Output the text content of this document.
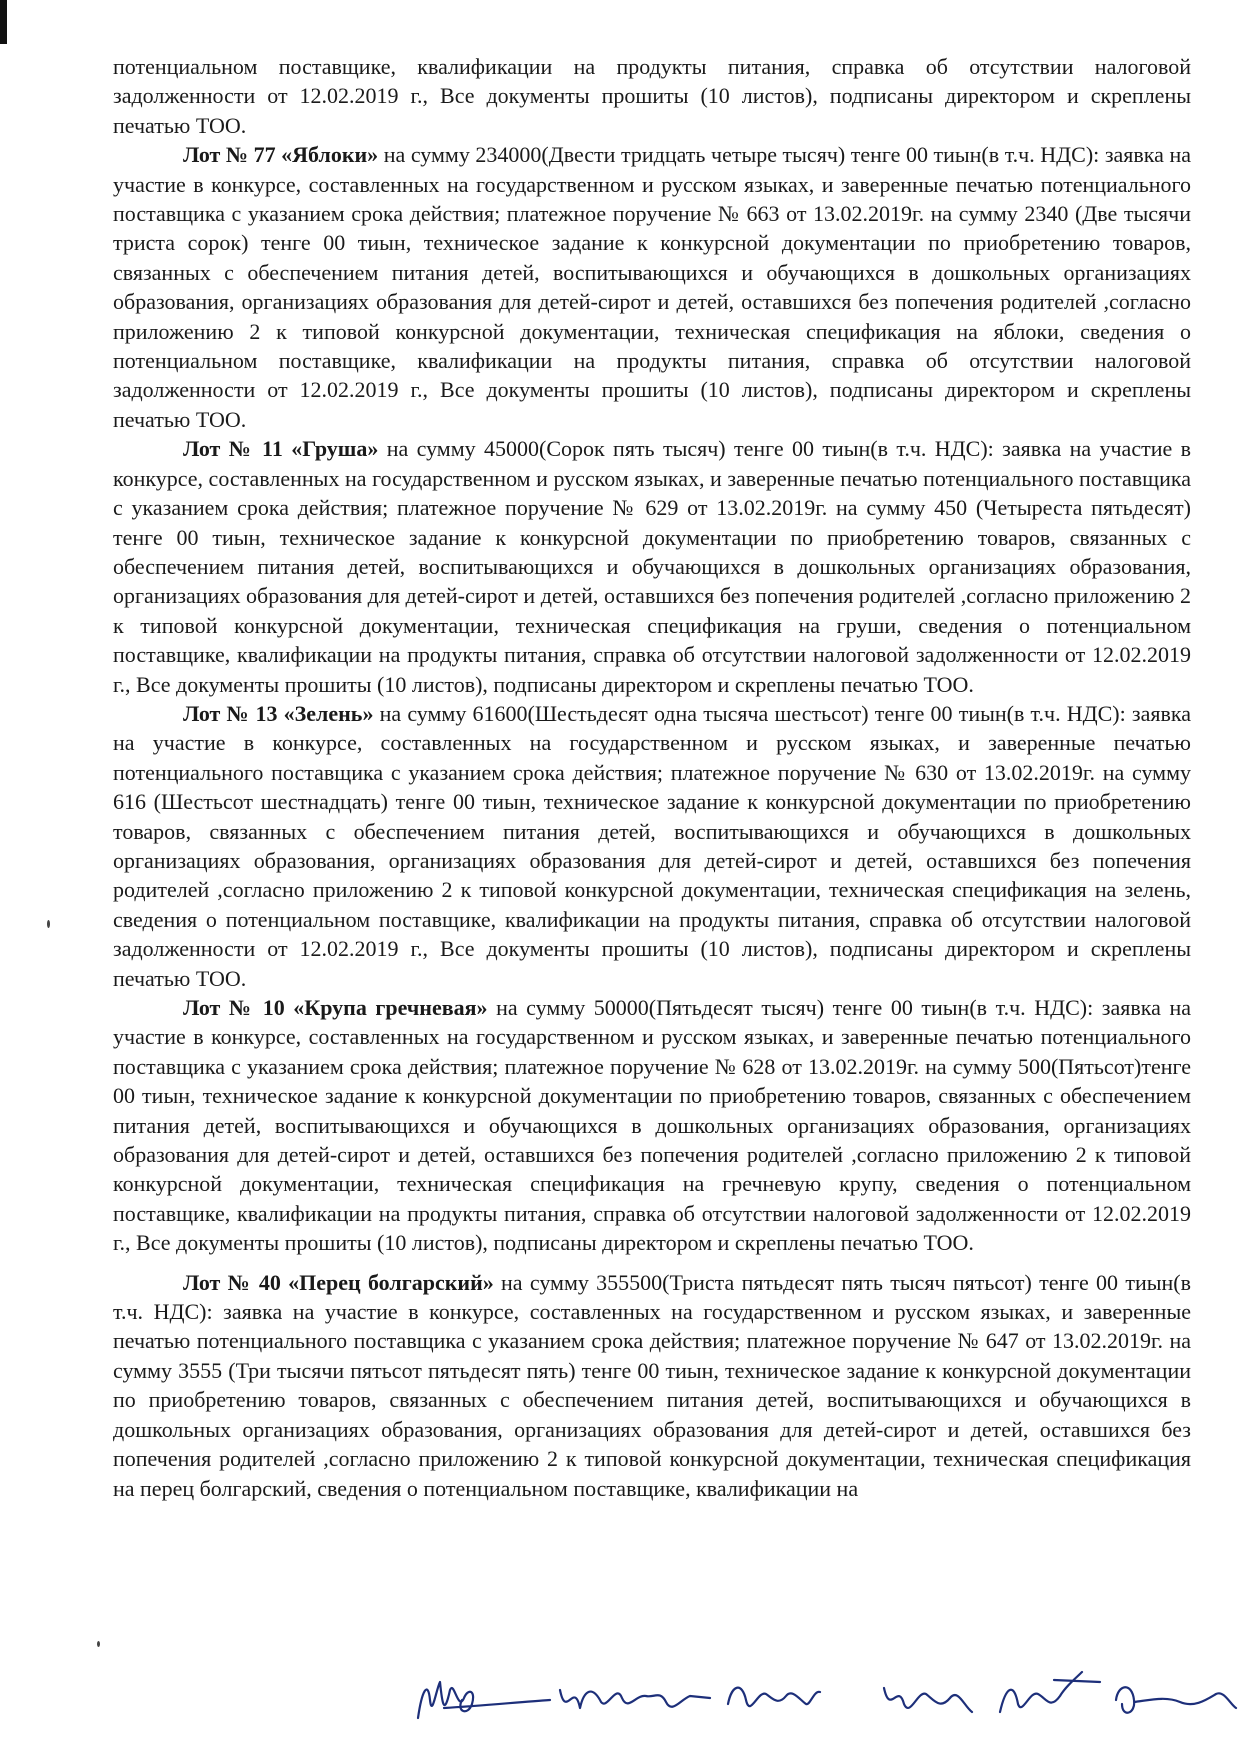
потенциальном поставщике, квалификации на продукты питания, справка об отсутствии налоговой задолженности от 12.02.2019 г., Все документы прошиты (10 листов), подписаны директором и скреплены печатью ТОО.

Лот № 77 «Яблоки» на сумму 234000(Двести тридцать четыре тысяч) тенге 00 тиын(в т.ч. НДС): заявка на участие в конкурсе, составленных на государственном и русском языках, и заверенные печатью потенциального поставщика с указанием срока действия; платежное поручение № 663 от 13.02.2019г. на сумму 2340 (Две тысячи триста сорок) тенге 00 тиын, техническое задание к конкурсной документации по приобретению товаров, связанных с обеспечением питания детей, воспитывающихся и обучающихся в дошкольных организациях образования, организациях образования для детей-сирот и детей, оставшихся без попечения родителей ,согласно приложению 2 к типовой конкурсной документации, техническая спецификация на яблоки, сведения о потенциальном поставщике, квалификации на продукты питания, справка об отсутствии налоговой задолженности от 12.02.2019 г., Все документы прошиты (10 листов), подписаны директором и скреплены печатью ТОО.

Лот № 11 «Груша» на сумму 45000(Сорок пять тысяч) тенге 00 тиын(в т.ч. НДС): заявка на участие в конкурсе, составленных на государственном и русском языках, и заверенные печатью потенциального поставщика с указанием срока действия; платежное поручение № 629 от 13.02.2019г. на сумму 450 (Четыреста пятьдесят) тенге 00 тиын, техническое задание к конкурсной документации по приобретению товаров, связанных с обеспечением питания детей, воспитывающихся и обучающихся в дошкольных организациях образования, организациях образования для детей-сирот и детей, оставшихся без попечения родителей ,согласно приложению 2 к типовой конкурсной документации, техническая спецификация на груши, сведения о потенциальном поставщике, квалификации на продукты питания, справка об отсутствии налоговой задолженности от 12.02.2019 г., Все документы прошиты (10 листов), подписаны директором и скреплены печатью ТОО.

Лот № 13 «Зелень» на сумму 61600(Шестьдесят одна тысяча шестьсот) тенге 00 тиын(в т.ч. НДС): заявка на участие в конкурсе, составленных на государственном и русском языках, и заверенные печатью потенциального поставщика с указанием срока действия; платежное поручение № 630 от 13.02.2019г. на сумму 616 (Шестьсот шестнадцать) тенге 00 тиын, техническое задание к конкурсной документации по приобретению товаров, связанных с обеспечением питания детей, воспитывающихся и обучающихся в дошкольных организациях образования, организациях образования для детей-сирот и детей, оставшихся без попечения родителей ,согласно приложению 2 к типовой конкурсной документации, техническая спецификация на зелень, сведения о потенциальном поставщике, квалификации на продукты питания, справка об отсутствии налоговой задолженности от 12.02.2019 г., Все документы прошиты (10 листов), подписаны директором и скреплены печатью ТОО.

Лот № 10 «Крупа гречневая» на сумму 50000(Пятьдесят тысяч) тенге 00 тиын(в т.ч. НДС): заявка на участие в конкурсе, составленных на государственном и русском языках, и заверенные печатью потенциального поставщика с указанием срока действия; платежное поручение № 628 от 13.02.2019г. на сумму 500(Пятьсот)тенге 00 тиын, техническое задание к конкурсной документации по приобретению товаров, связанных с обеспечением питания детей, воспитывающихся и обучающихся в дошкольных организациях образования, организациях образования для детей-сирот и детей, оставшихся без попечения родителей ,согласно приложению 2 к типовой конкурсной документации, техническая спецификация на гречневую крупу, сведения о потенциальном поставщике, квалификации на продукты питания, справка об отсутствии налоговой задолженности от 12.02.2019 г., Все документы прошиты (10 листов), подписаны директором и скреплены печатью ТОО.

Лот № 40 «Перец болгарский» на сумму 355500(Триста пятьдесят пять тысяч пятьсот) тенге 00 тиын(в т.ч. НДС): заявка на участие в конкурсе, составленных на государственном и русском языках, и заверенные печатью потенциального поставщика с указанием срока действия; платежное поручение № 647 от 13.02.2019г. на сумму 3555 (Три тысячи пятьсот пятьдесят пять) тенге 00 тиын, техническое задание к конкурсной документации по приобретению товаров, связанных с обеспечением питания детей, воспитывающихся и обучающихся в дошкольных организациях образования, организациях образования для детей-сирот и детей, оставшихся без попечения родителей ,согласно приложению 2 к типовой конкурсной документации, техническая спецификация на перец болгарский, сведения о потенциальном поставщике, квалификации на
